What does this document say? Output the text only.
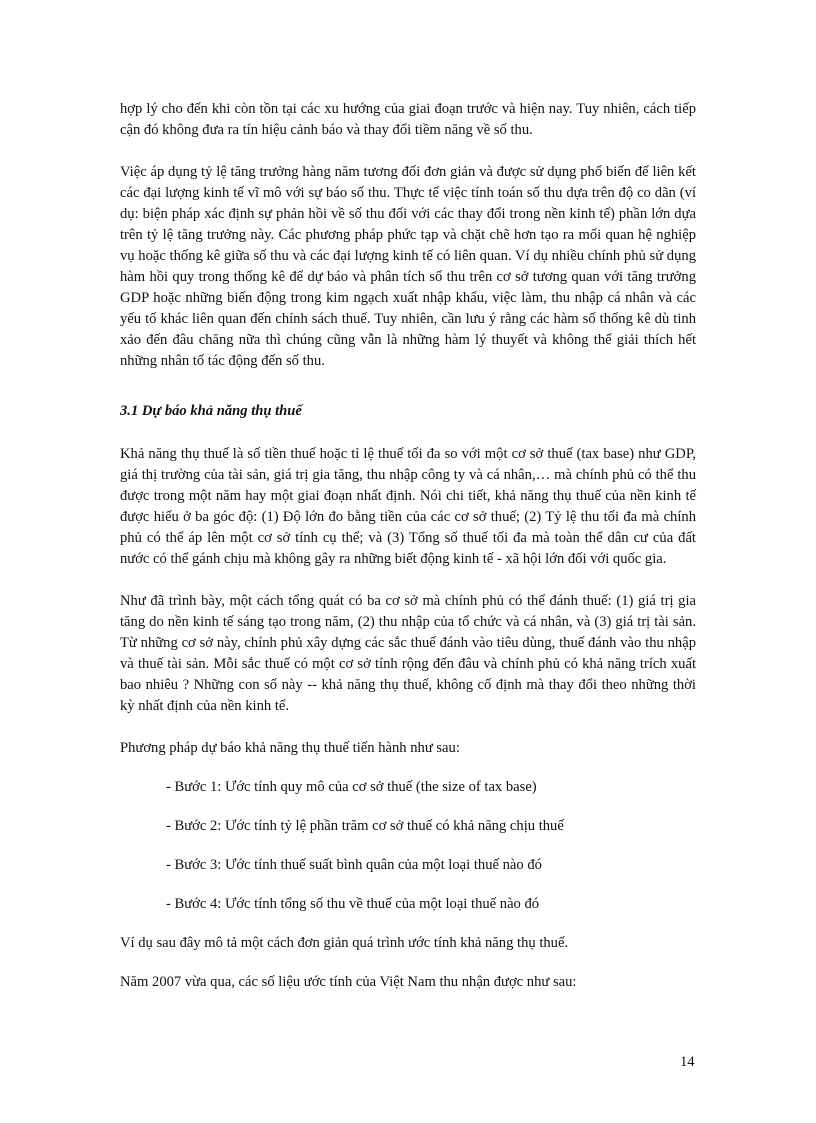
hợp lý cho đến khi còn tồn tại các xu hướng của giai đoạn trước và hiện nay. Tuy nhiên, cách tiếp cận đó không đưa ra tín hiệu cảnh báo và thay đổi tiềm năng về số thu.

Việc áp dụng tỷ lệ tăng trưởng hàng năm tương đối đơn giản và được sử dụng phổ biến để liên kết các đại lượng kinh tế vĩ mô với sự báo số thu. Thực tế việc tính toán số thu dựa trên độ co dãn (ví dụ: biện pháp xác định sự phản hồi về số thu đối với các thay đổi trong nền kinh tế) phần lớn dựa trên tỷ lệ tăng trưởng này. Các phương pháp phức tạp và chặt chẽ hơn tạo ra mối quan hệ nghiệp vụ hoặc thống kê giữa số thu và các đại lượng kinh tế có liên quan. Ví dụ nhiều chính phủ sử dụng hàm hồi quy trong thống kê để dự báo và phân tích số thu trên cơ sở tương quan với tăng trưởng GDP hoặc những biến động trong kim ngạch xuất nhập khẩu, việc làm, thu nhập cá nhân và các yếu tố khác liên quan đến chính sách thuế. Tuy nhiên, cần lưu ý rằng các hàm số thống kê dù tinh xảo đến đâu chăng nữa thì chúng cũng vẫn là những hàm lý thuyết và không thể giải thích hết những nhân tố tác động đến số thu.

3.1 Dự báo khả năng thụ thuế

Khả năng thụ thuế là số tiền thuế hoặc tỉ lệ thuế tối đa so với một cơ sở thuế (tax base) như GDP, giá thị trường của tài sản, giá trị gia tăng, thu nhập công ty và cá nhân,… mà chính phủ có thể thu được trong một năm hay một giai đoạn nhất định. Nói chi tiết, khả năng thụ thuế của nền kinh tế được hiểu ở ba góc độ: (1) Độ lớn đo bằng tiền của các cơ sở thuế; (2) Tỷ lệ thu tối đa mà chính phủ có thể áp lên một cơ sở tính cụ thể; và (3) Tổng số thuế tối đa mà toàn thể dân cư của đất nước có thể gánh chịu mà không gây ra những biết động kinh tế - xã hội lớn đối với quốc gia.

Như đã trình bày, một cách tổng quát có ba cơ sở mà chính phủ có thể đánh thuế: (1) giá trị gia tăng do nền kinh tế sáng tạo trong năm, (2) thu nhập của tổ chức và cá nhân, và (3) giá trị tài sản. Từ những cơ sở này, chính phủ xây dựng các sắc thuế đánh vào tiêu dùng, thuế đánh vào thu nhập và thuế tài sản. Mỗi sắc thuế có một cơ sở tính rộng đến đâu và chính phủ có khả năng trích xuất bao nhiêu ? Những con số này -- khả năng thụ thuế, không cố định mà thay đổi theo những thời kỳ nhất định của nền kinh tế.

Phương pháp dự báo khả năng thụ thuế tiến hành như sau:

- Bước 1: Ước tính quy mô của cơ sở thuế (the size of tax base)
- Bước 2: Ước tính tỷ lệ phần trăm cơ sở thuế có khả năng chịu thuế
- Bước 3: Ước tính thuế suất bình quân của một loại thuế nào đó
- Bước 4: Ước tính tổng số thu về thuế của một loại thuế nào đó

Ví dụ sau đây mô tả một cách đơn giản quá trình ước tính khả năng thụ thuế.

Năm 2007 vừa qua, các số liệu ước tính của Việt Nam thu nhận được như sau:

14
